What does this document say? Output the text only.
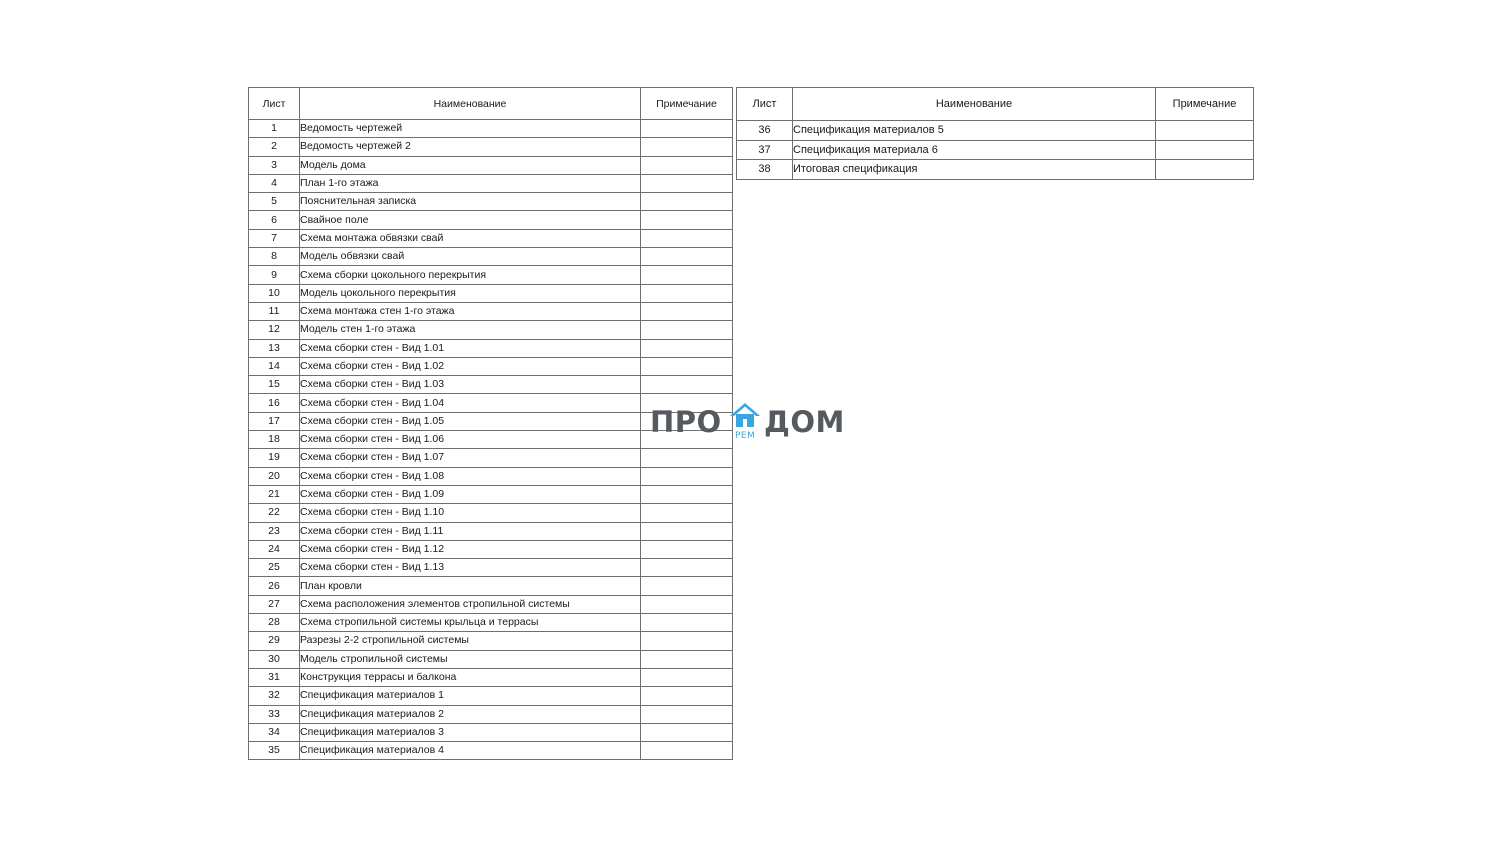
Лист	Наименование	Примечание
1	Ведомость чертежей	
2	Ведомость чертежей 2	
3	Модель дома	
4	План 1-го этажа	
5	Пояснительная записка	
6	Свайное поле	
7	Схема монтажа обвязки свай	
8	Модель обвязки свай	
9	Схема сборки цокольного перекрытия	
10	Модель цокольного перекрытия	
11	Схема монтажа стен 1-го этажа	
12	Модель стен 1-го этажа	
13	Схема сборки стен - Вид 1.01	
14	Схема сборки стен - Вид 1.02	
15	Схема сборки стен - Вид 1.03	
16	Схема сборки стен - Вид 1.04	
17	Схема сборки стен - Вид 1.05	
18	Схема сборки стен - Вид 1.06	
19	Схема сборки стен - Вид 1.07	
20	Схема сборки стен - Вид 1.08	
21	Схема сборки стен - Вид 1.09	
22	Схема сборки стен - Вид 1.10	
23	Схема сборки стен - Вид 1.11	
24	Схема сборки стен - Вид 1.12	
25	Схема сборки стен - Вид 1.13	
26	План кровли	
27	Схема расположения элементов стропильной системы	
28	Схема стропильной системы крыльца и террасы	
29	Разрезы 2-2 стропильной системы	
30	Модель стропильной системы	
31	Конструкция террасы и балкона	
32	Спецификация материалов 1	
33	Спецификация материалов 2	
34	Спецификация материалов 3	
35	Спецификация материалов 4	
Лист	Наименование	Примечание
36	Спецификация материалов 5	
37	Спецификация материала 6	
38	Итоговая спецификация	
ПРО РЕМ ДОМ
